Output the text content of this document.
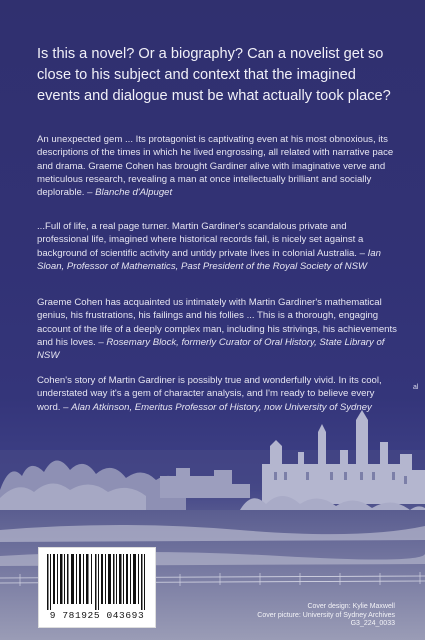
Is this a novel? Or a biography? Can a novelist get so close to his subject and context that the imagined events and dialogue must be what actually took place?

An unexpected gem ... Its protagonist is captivating even at his most obnoxious, its descriptions of the times in which he lived engrossing, all related with narrative pace and drama. Graeme Cohen has brought Gardiner alive with imaginative verve and meticulous research, revealing a man at once intellectually brilliant and socially deplorable. – Blanche d'Alpuget

...Full of life, a real page turner. Martin Gardiner's scandalous private and professional life, imagined where historical records fail, is nicely set against a background of scientific activity and untidy private lives in colonial Australia. – Ian Sloan, Professor of Mathematics, Past President of the Royal Society of NSW

Graeme Cohen has acquainted us intimately with Martin Gardiner's mathematical genius, his frustrations, his failings and his follies ... This is a thorough, engaging account of the life of a deeply complex man, including his strivings, his achievements and his loves. – Rosemary Block, formerly Curator of Oral History, State Library of NSW

Cohen's story of Martin Gardiner is possibly true and wonderfully vivid. In its cool, understated way it's a gem of character analysis, and I'm ready to believe every word. – Alan Atkinson, Emeritus Professor of History, now University of Sydney

al
9 781925 043693
Cover design: Kylie Maxwell
Cover picture: University of Sydney Archives
G3_224_0033
